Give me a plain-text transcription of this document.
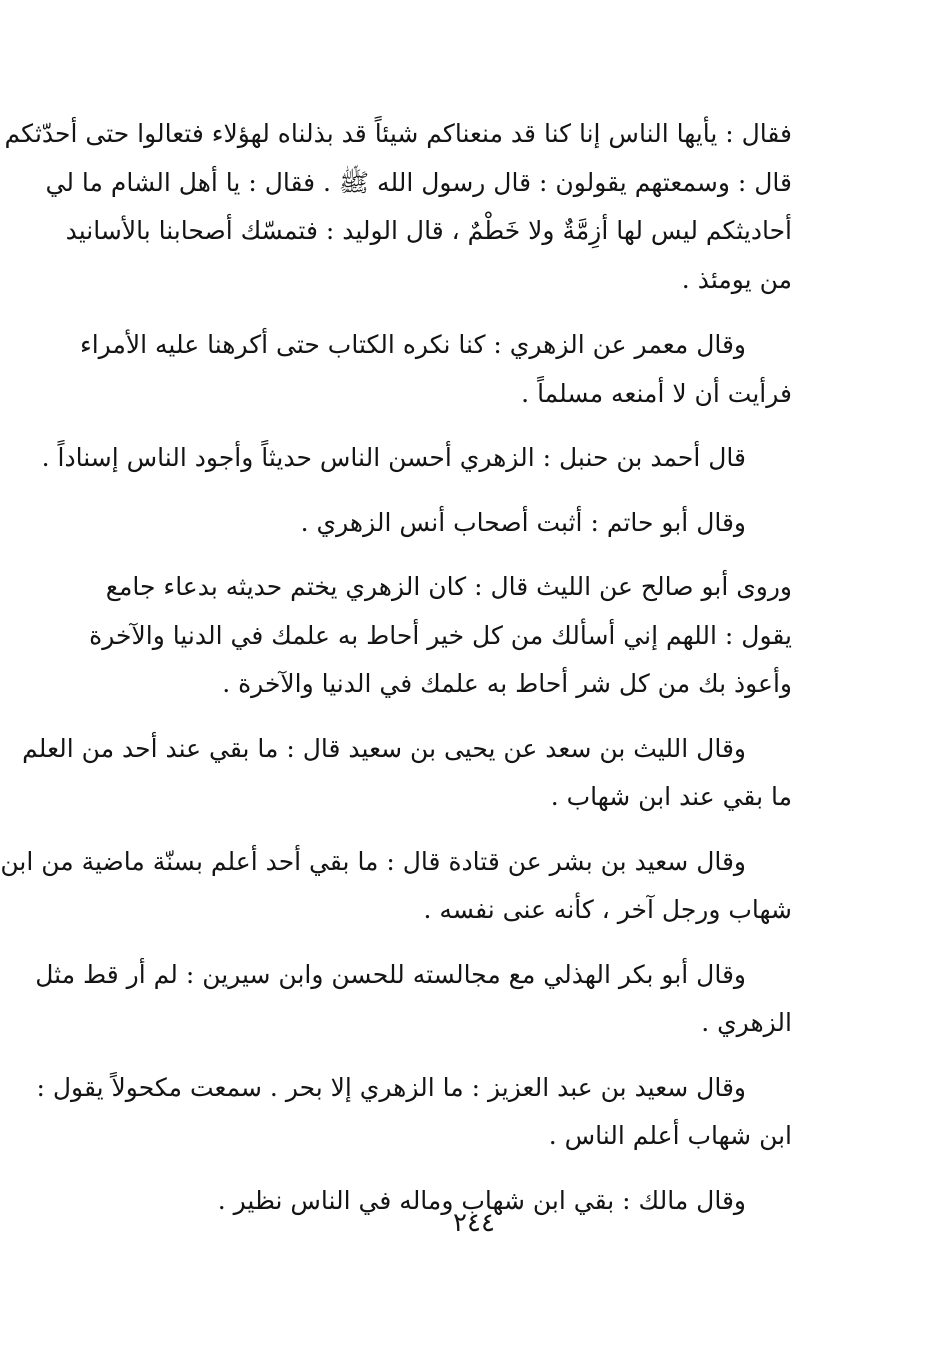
فقال : يأيها الناس إنا كنا قد منعناكم شيئاً قد بذلناه لهؤلاء فتعالوا حتى أحدّثكم
قال : وسمعتهم يقولون : قال رسول الله ﷺ . فقال : يا أهل الشام ما لي
أحاديثكم ليس لها أزِمَّةٌ ولا خَطْمٌ ، قال الوليد : فتمسّك أصحابنا بالأسانيد
من يومئذ .

وقال معمر عن الزهري : كنا نكره الكتاب حتى أكرهنا عليه الأمراء
فرأيت أن لا أمنعه مسلماً .

قال أحمد بن حنبل : الزهري أحسن الناس حديثاً وأجود الناس إسناداً .

وقال أبو حاتم : أثبت أصحاب أنس الزهري .

وروى أبو صالح عن الليث قال : كان الزهري يختم حديثه بدعاء جامع
يقول : اللهم إني أسألك من كل خير أحاط به علمك في الدنيا والآخرة
وأعوذ بك من كل شر أحاط به علمك في الدنيا والآخرة .

وقال الليث بن سعد عن يحيى بن سعيد قال : ما بقي عند أحد من العلم
ما بقي عند ابن شهاب .

وقال سعيد بن بشر عن قتادة قال : ما بقي أحد أعلم بسنّة ماضية من ابن
شهاب ورجل آخر ، كأنه عنى نفسه .

وقال أبو بكر الهذلي مع مجالسته للحسن وابن سيرين : لم أر قط مثل
الزهري .

وقال سعيد بن عبد العزيز : ما الزهري إلا بحر . سمعت مكحولاً يقول :
ابن شهاب أعلم الناس .

وقال مالك : بقي ابن شهاب وماله في الناس نظير .

٢٤٤
